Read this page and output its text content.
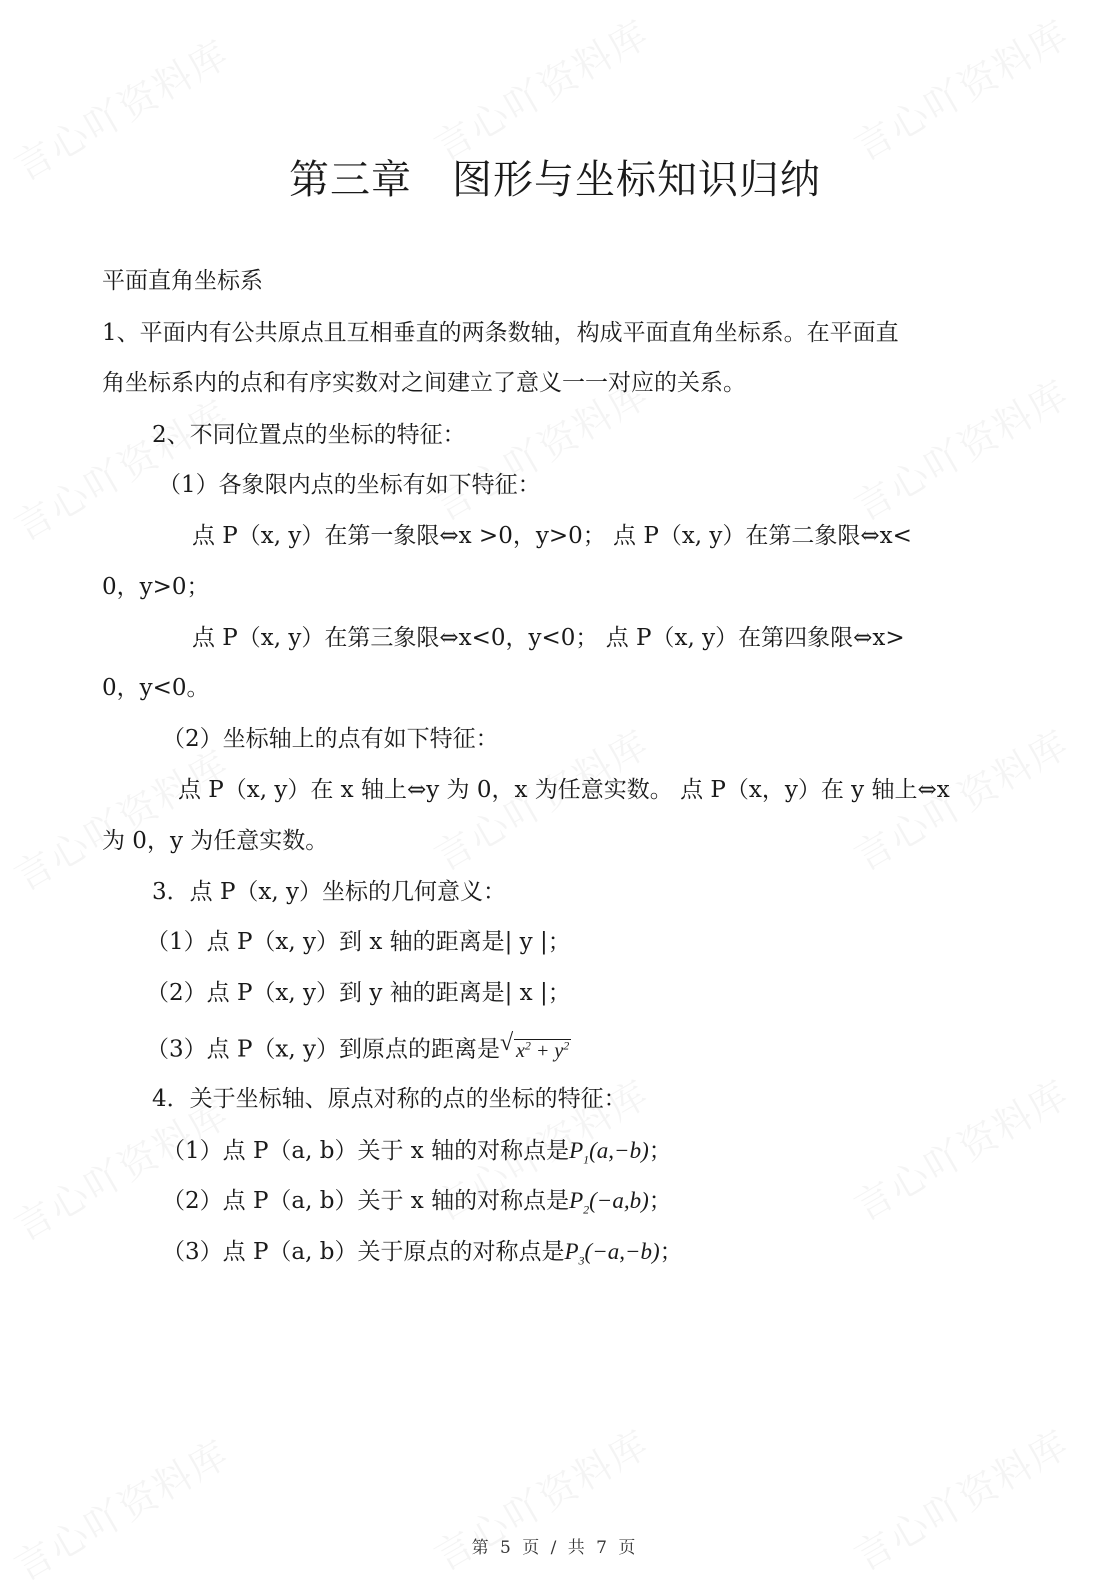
第三章 图形与坐标知识归纳
平面直角坐标系
1、平面内有公共原点且互相垂直的两条数轴，构成平面直角坐标系。在平面直
角坐标系内的点和有序实数对之间建立了意义一一对应的关系。
2、不同位置点的坐标的特征：
（1）各象限内点的坐标有如下特征：
点 P（x, y）在第一象限⇔x >0，y>0； 点 P（x, y）在第二象限⇔x<
0，y>0；
点 P（x, y）在第三象限⇔x<0，y<0； 点 P（x, y）在第四象限⇔x>
0，y<0。
（2）坐标轴上的点有如下特征：
点 P（x, y）在 x 轴上⇔y 为 0，x 为任意实数。 点 P（x，y）在 y 轴上⇔x
为 0，y 为任意实数。
3．点 P（x, y）坐标的几何意义：
（1）点 P（x, y）到 x 轴的距离是| y |；
（2）点 P（x, y）到 y 袖的距离是| x |；
（3）点 P（x, y）到原点的距离是 √ $x^2 + y^2$
4．关于坐标轴、原点对称的点的坐标的特征：
（1）点 P（a, b）关于 x 轴的对称点是$P_1(a,-b)$；
（2）点 P（a, b）关于 x 轴的对称点是$P_2(-a,b)$；
（3）点 P（a, b）关于原点的对称点是$P_3(-a,-b)$；
第 5 页 / 共 7 页
